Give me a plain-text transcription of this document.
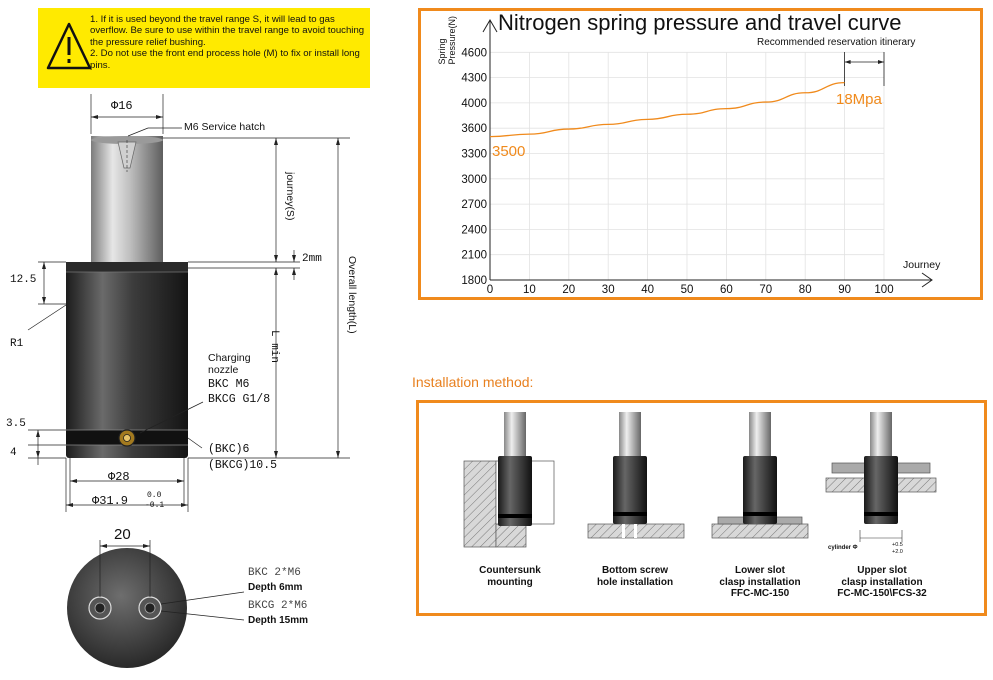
1. If it is used beyond the travel range S, it will lead to gas overflow. Be sure to use within the travel range to avoid touching the pressure relief bushing.
2. Do not use the front end process hole (M) to fix or install long pins.
Φ16
M6 Service hatch
journey(S)
2mm
L min
Overall length(L)
12.5
R1
Charging
nozzle
BKC M6
BKCG G1/8
3.5
4	(BKC)6
(BKCG)10.5
Φ28
Φ31.9 0.0
-0.1
20
BKC 2*M6
Depth 6mm
BKCG 2*M6
Depth 15mm
0	10 20 30 40 50 60 70 80 90 100
1800
2100
2400
2700
3000
3300
3600
4000
4300
4600
Nitrogen spring pressure and travel curve
Spring
Pressure(N)
Journey
Recommended reservation itinerary
3500
18Mpa
Installation method:
cylinder Φ	+0.5
+2.0
Countersunk
mounting
Bottom screw
hole installation
Lower slot
clasp installation
FFC-MC-150
Upper slot
clasp installation
FC-MC-150\FCS-32
